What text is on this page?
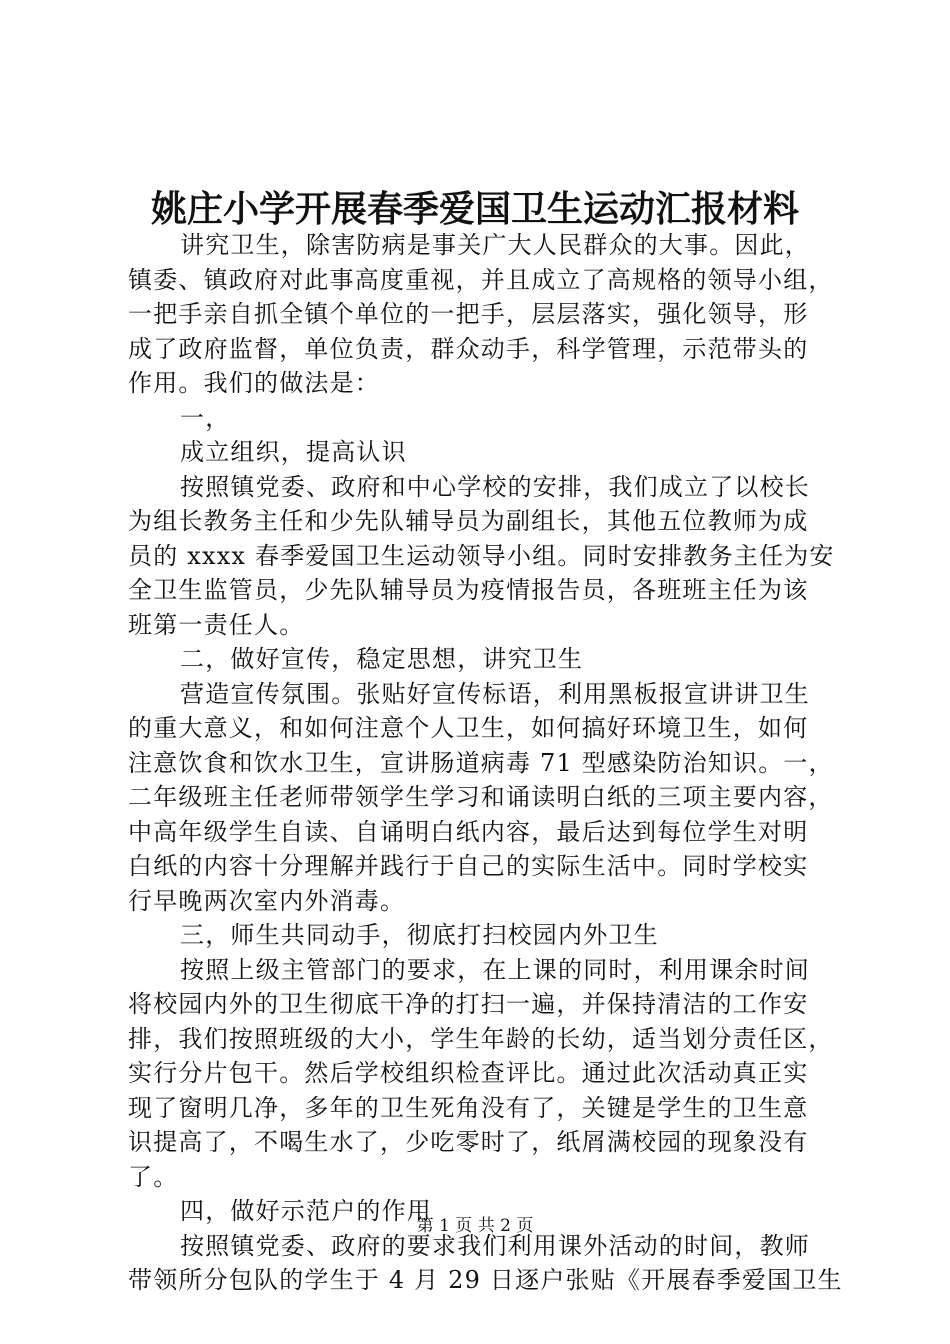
姚庄小学开展春季爱国卫生运动汇报材料
讲究卫生，除害防病是事关广大人民群众的大事。因此，
镇委、镇政府对此事高度重视，并且成立了高规格的领导小组，
一把手亲自抓全镇个单位的一把手，层层落实，强化领导，形
成了政府监督，单位负责，群众动手，科学管理，示范带头的
作用。我们的做法是：
一，
成立组织，提高认识
按照镇党委、政府和中心学校的安排，我们成立了以校长
为组长教务主任和少先队辅导员为副组长，其他五位教师为成
员的 xxxx 春季爱国卫生运动领导小组。同时安排教务主任为安
全卫生监管员，少先队辅导员为疫情报告员，各班班主任为该
班第一责任人。
二，做好宣传，稳定思想，讲究卫生
营造宣传氛围。张贴好宣传标语，利用黑板报宣讲讲卫生
的重大意义，和如何注意个人卫生，如何搞好环境卫生，如何
注意饮食和饮水卫生，宣讲肠道病毒 71 型感染防治知识。一，
二年级班主任老师带领学生学习和诵读明白纸的三项主要内容，
中高年级学生自读、自诵明白纸内容，最后达到每位学生对明
白纸的内容十分理解并践行于自己的实际生活中。同时学校实
行早晚两次室内外消毒。
三，师生共同动手，彻底打扫校园内外卫生
按照上级主管部门的要求，在上课的同时，利用课余时间
将校园内外的卫生彻底干净的打扫一遍，并保持清洁的工作安
排，我们按照班级的大小，学生年龄的长幼，适当划分责任区，
实行分片包干。然后学校组织检查评比。通过此次活动真正实
现了窗明几净，多年的卫生死角没有了，关键是学生的卫生意
识提高了，不喝生水了，少吃零时了，纸屑满校园的现象没有
了。
四，做好示范户的作用
按照镇党委、政府的要求我们利用课外活动的时间，教师
带领所分包队的学生于 4 月 29 日逐户张贴《开展春季爱国卫生
第 1 页 共 2 页
